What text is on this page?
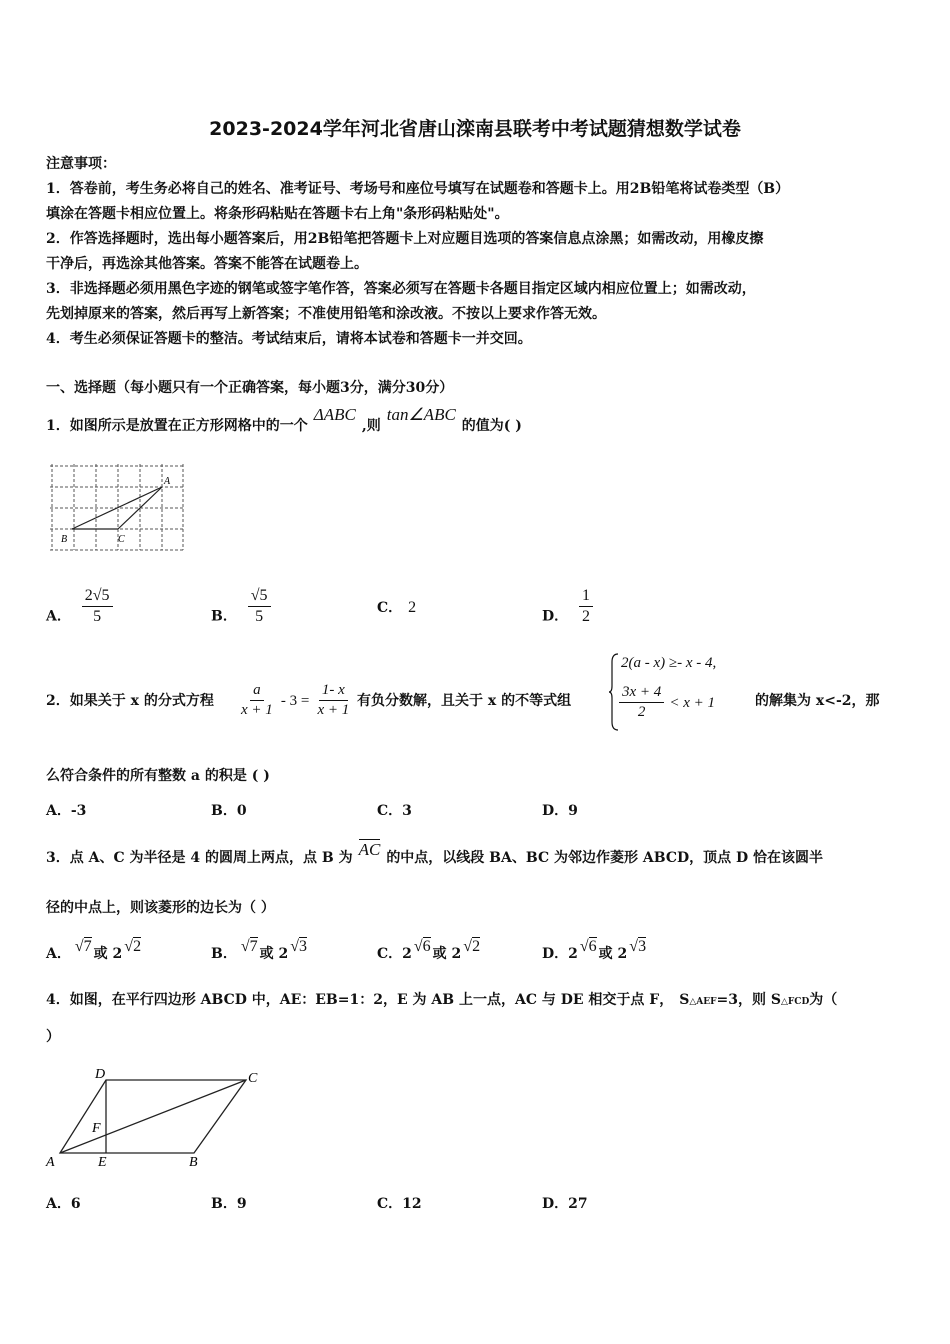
2023-2024学年河北省唐山滦南县联考中考试题猜想数学试卷
注意事项：
1．答卷前，考生务必将自己的姓名、准考证号、考场号和座位号填写在试题卷和答题卡上。用2B铅笔将试卷类型（B）
填涂在答题卡相应位置上。将条形码粘贴在答题卡右上角"条形码粘贴处"。
2．作答选择题时，选出每小题答案后，用2B铅笔把答题卡上对应题目选项的答案信息点涂黑；如需改动，用橡皮擦
干净后，再选涂其他答案。答案不能答在试题卷上。
3．非选择题必须用黑色字迹的钢笔或签字笔作答，答案必须写在答题卡各题目指定区域内相应位置上；如需改动，
先划掉原来的答案，然后再写上新答案；不准使用铅笔和涂改液。不按以上要求作答无效。
4．考生必须保证答题卡的整洁。考试结束后，请将本试卷和答题卡一并交回。
一、选择题（每小题只有一个正确答案，每小题3分，满分30分）
1．如图所示是放置在正方形网格中的一个ΔABC,则tan∠ABC的值为( )
A
B	C
A． $\frac{2√5}{5}$	B． $\frac{√5}{5}$	C． 2
D． $\frac{1}{2}$
2．如果关于 x 的分式方程 $\frac{a}{x + 1} - 3 = \frac{1- x}{x + 1}$ 有负分数解，且关于 x 的不等式组
2(a - x) ≥- x - 4,
$\frac{3x + 4}{2} < x + 1$	的解集为 x<-2，那
么符合条件的所有整数 a 的积是 ( )
A．-3	B．0	C．3	D．9
3．点 A、C 为半径是 4 的圆周上两点，点 B 为 AC 的中点，以线段 BA、BC 为邻边作菱形 ABCD，顶点 D 恰在该圆半
径的中点上，则该菱形的边长为（ ）
A． √7 或 2 √2	B． √7 或 2 √3	C．2 √6 或 2 √2	D．2 √6 或 2 √3
4．如图，在平行四边形 ABCD 中，AE：EB=1：2，E 为 AB 上一点，AC 与 DE 相交于点 F， S△AEF=3，则 S△FCD为（
）
A	E	B
D	C
F
A．6	B．9	C．12	D．27
